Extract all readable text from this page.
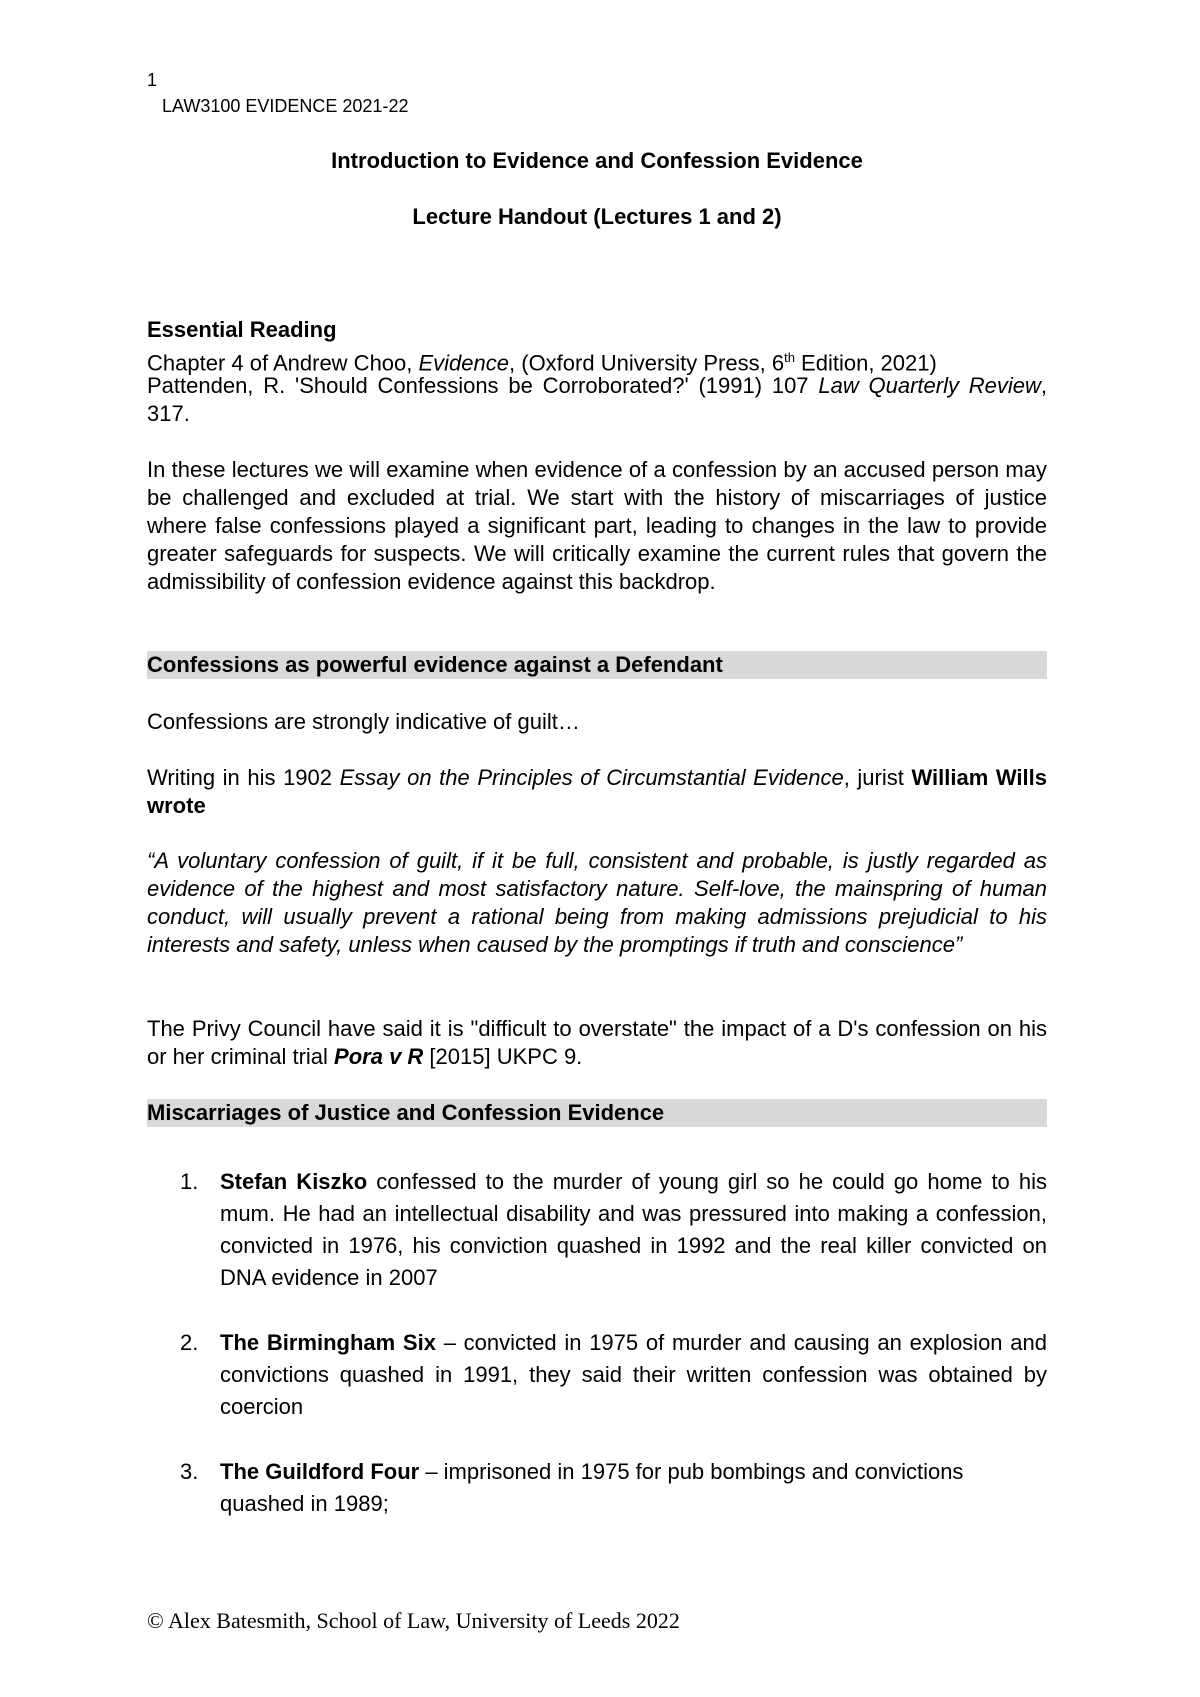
1
LAW3100 EVIDENCE 2021-22
Introduction to Evidence and Confession Evidence
Lecture Handout (Lectures 1 and 2)
Essential Reading
Chapter 4 of Andrew Choo, Evidence, (Oxford University Press, 6th Edition, 2021)
Pattenden, R. 'Should Confessions be Corroborated?' (1991) 107 Law Quarterly Review, 317.
In these lectures we will examine when evidence of a confession by an accused person may be challenged and excluded at trial. We start with the history of miscarriages of justice where false confessions played a significant part, leading to changes in the law to provide greater safeguards for suspects. We will critically examine the current rules that govern the admissibility of confession evidence against this backdrop.
Confessions as powerful evidence against a Defendant
Confessions are strongly indicative of guilt…
Writing in his 1902 Essay on the Principles of Circumstantial Evidence, jurist William Wills wrote
“A voluntary confession of guilt, if it be full, consistent and probable, is justly regarded as evidence of the highest and most satisfactory nature. Self-love, the mainspring of human conduct, will usually prevent a rational being from making admissions prejudicial to his interests and safety, unless when caused by the promptings if truth and conscience”
The Privy Council have said it is "difficult to overstate" the impact of a D's confession on his or her criminal trial Pora v R [2015] UKPC 9.
Miscarriages of Justice and Confession Evidence
1. Stefan Kiszko confessed to the murder of young girl so he could go home to his mum. He had an intellectual disability and was pressured into making a confession, convicted in 1976, his conviction quashed in 1992 and the real killer convicted on DNA evidence in 2007
2. The Birmingham Six – convicted in 1975 of murder and causing an explosion and convictions quashed in 1991, they said their written confession was obtained by coercion
3. The Guildford Four – imprisoned in 1975 for pub bombings and convictions quashed in 1989;
© Alex Batesmith, School of Law, University of Leeds 2022
